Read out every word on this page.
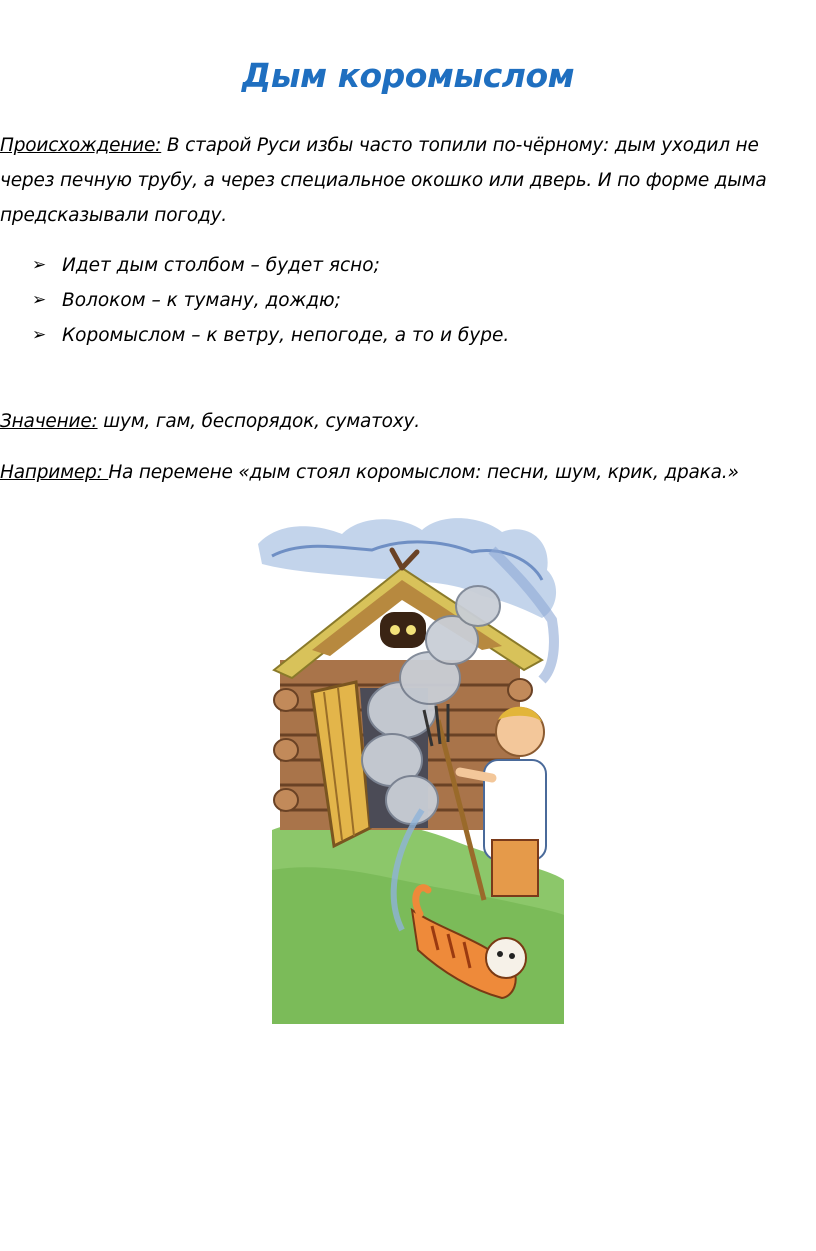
Дым коромыслом

Происхождение: В старой Руси избы часто топили по-чёрному: дым уходил не через печную трубу, а через специальное окошко или дверь. И по форме дыма предсказывали погоду.

➢ Идет дым столбом – будет ясно;
➢ Волоком – к туману, дождю;
➢ Коромыслом – к ветру, непогоде, а то и буре.

Значение: шум, гам, беспорядок, суматоху.

Например: На перемене «дым стоял коромыслом: песни, шум, крик, драка.»
